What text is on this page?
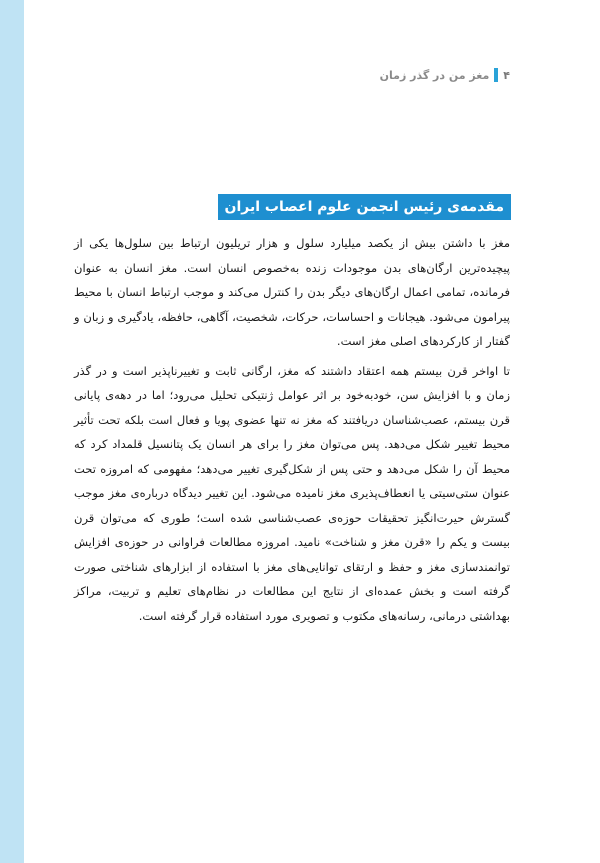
۴
مغز من در گذر زمان
مقدمه‌ی رئیس انجمن علوم اعصاب ایران

مغز با داشتن بیش از یکصد میلیارد سلول و هزار تریلیون ارتباط بین سلول‌ها یکی از پیچیده‌ترین ارگان‌های بدن موجودات زنده به‌خصوص انسان است. مغز انسان به عنوان فرمانده، تمامی اعمال ارگان‌های دیگر بدن را کنترل می‌کند و موجب ارتباط انسان با محیط پیرامون می‌شود. هیجانات و احساسات، حرکات، شخصیت، آگاهی، حافظه، یادگیری و زبان و گفتار از کارکردهای اصلی مغز است.

تا اواخر قرن بیستم همه اعتقاد داشتند که مغز، ارگانی ثابت و تغییرناپذیر است و در گذر زمان و با افزایش سن، خودبه‌خود بر اثر عوامل ژنتیکی تحلیل می‌رود؛ اما در دهه‌ی پایانی قرن بیستم، عصب‌شناسان دریافتند که مغز نه تنها عضوی پویا و فعال است بلکه تحت تأثیر محیط تغییر شکل می‌دهد. پس می‌توان مغز را برای هر انسان یک پتانسیل قلمداد کرد که محیط آن را شکل می‌دهد و حتی پس از شکل‌گیری تغییر می‌دهد؛ مفهومی که امروزه تحت عنوان ستی‌سیتی یا انعطاف‌پذیری مغز نامیده می‌شود. این تغییر دیدگاه درباره‌ی مغز موجب گسترش حیرت‌انگیز تحقیقات حوزه‌ی عصب‌شناسی شده است؛ طوری که می‌توان قرن بیست و یکم را «قرن مغز و شناخت» نامید. امروزه مطالعات فراوانی در حوزه‌ی افزایش توانمندسازی مغز و حفظ و ارتقای توانایی‌های مغز با استفاده از ابزارهای شناختی صورت گرفته است و بخش عمده‌ای از نتایج این مطالعات در نظام‌های تعلیم و تربیت، مراکز بهداشتی درمانی، رسانه‌های مکتوب و تصویری مورد استفاده قرار گرفته است.
